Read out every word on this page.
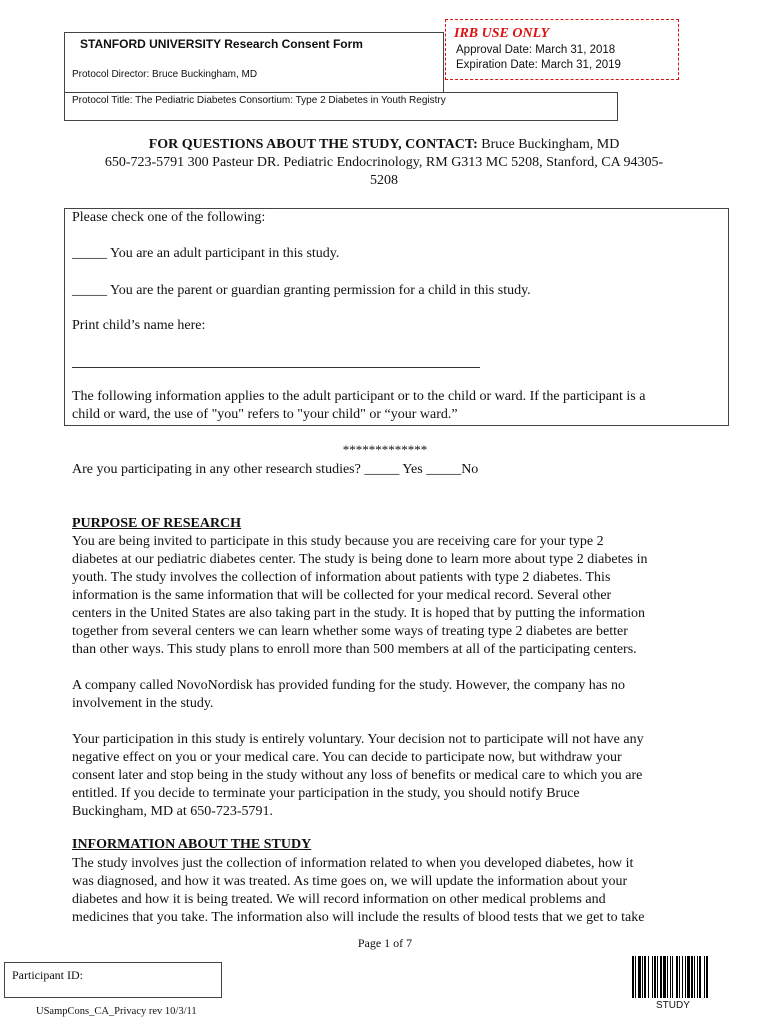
STANFORD UNIVERSITY Research Consent Form
Protocol Director: Bruce Buckingham, MD
Protocol Title: The Pediatric Diabetes Consortium: Type 2 Diabetes in Youth Registry
IRB USE ONLY
Approval Date: March 31, 2018
Expiration Date: March 31, 2019
FOR QUESTIONS ABOUT THE STUDY, CONTACT: Bruce Buckingham, MD
650-723-5791 300 Pasteur DR. Pediatric Endocrinology, RM G313 MC 5208, Stanford, CA 94305-
5208
Please check one of the following:
_____ You are an adult participant in this study.
_____ You are the parent or guardian granting permission for a child in this study.
Print child’s name here:
The following information applies to the adult participant or to the child or ward. If the participant is a
child or ward, the use of "you" refers to "your child" or “your ward.”
*************
Are you participating in any other research studies? _____ Yes _____No
PURPOSE OF RESEARCH
You are being invited to participate in this study because you are receiving care for your type 2
diabetes at our pediatric diabetes center. The study is being done to learn more about type 2 diabetes in
youth. The study involves the collection of information about patients with type 2 diabetes. This
information is the same information that will be collected for your medical record. Several other
centers in the United States are also taking part in the study. It is hoped that by putting the information
together from several centers we can learn whether some ways of treating type 2 diabetes are better
than other ways. This study plans to enroll more than 500 members at all of the participating centers.
A company called NovoNordisk has provided funding for the study. However, the company has no
involvement in the study.
Your participation in this study is entirely voluntary. Your decision not to participate will not have any
negative effect on you or your medical care. You can decide to participate now, but withdraw your
consent later and stop being in the study without any loss of benefits or medical care to which you are
entitled. If you decide to terminate your participation in the study, you should notify Bruce
Buckingham, MD at 650-723-5791.
INFORMATION ABOUT THE STUDY
The study involves just the collection of information related to when you developed diabetes, how it
was diagnosed, and how it was treated. As time goes on, we will update the information about your
diabetes and how it is being treated. We will record information on other medical problems and
medicines that you take. The information also will include the results of blood tests that we get to take
Page 1 of 7
Participant ID:
USampCons_CA_Privacy rev 10/3/11
STUDY
